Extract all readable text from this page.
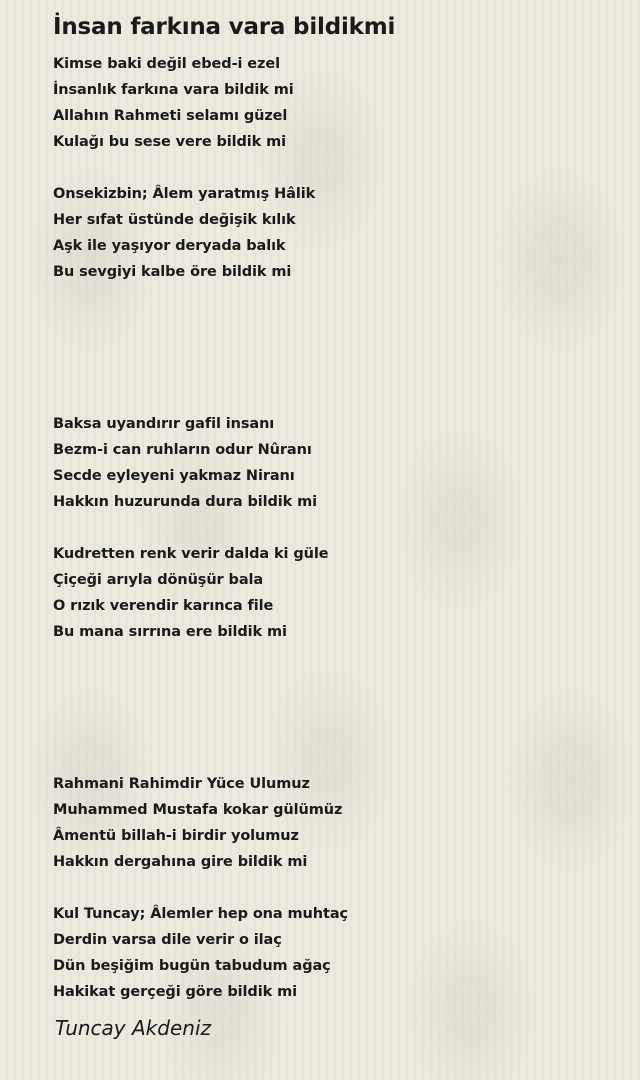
İnsan farkına vara bildikmi
Kimse baki değil ebed-i ezel
İnsanlık farkına vara bildik mi
Allahın Rahmeti selamı güzel
Kulağı bu sese vere bildik mi
Onsekizbin; Âlem yaratmış Hâlik
Her sıfat üstünde değişik kılık
Aşk ile yaşıyor deryada balık
Bu sevgiyi kalbe öre bildik mi
Baksa uyandırır gafil insanı
Bezm-i can ruhların odur Nûranı
Secde eyleyeni yakmaz Niranı
Hakkın huzurunda dura bildik mi
Kudretten renk verir dalda ki güle
Çiçeği arıyla dönüşür bala
O rızık verendir karınca file
Bu mana sırrına ere bildik mi
Rahmani Rahimdir Yüce Ulumuz
Muhammed Mustafa kokar gülümüz
Âmentü billah-i birdir yolumuz
Hakkın dergahına gire bildik mi
Kul Tuncay; Âlemler hep ona muhtaç
Derdin varsa dile verir o ilaç
Dün beşiğim bugün tabudum ağaç
Hakikat gerçeği göre bildik mi
Tuncay Akdeniz
